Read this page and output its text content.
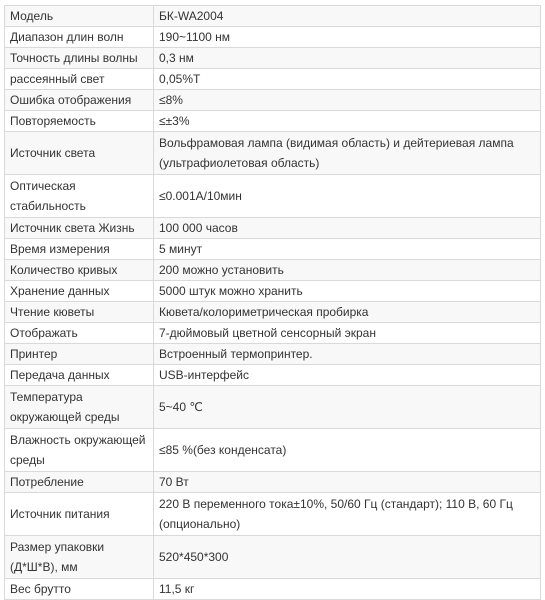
Модель	БК-WA2004
Диапазон длин волн	190~1100 нм
Точность длины волны	0,3 нм
рассеянный свет	0,05%T
Ошибка отображения	≤8%
Повторяемость	≤±3%
Источник света	Вольфрамовая лампа (видимая область) и дейтериевая лампа (ультрафиолетовая область)
Оптическая стабильность	≤0.001A/10мин
Источник света Жизнь	100 000 часов
Время измерения	5 минут
Количество кривых	200 можно установить
Хранение данных	5000 штук можно хранить
Чтение кюветы	Кювета/колориметрическая пробирка
Отображать	7-дюймовый цветной сенсорный экран
Принтер	Встроенный термопринтер.
Передача данных	USB-интерфейс
Температура окружающей среды	5~40 ℃
Влажность окружающей среды	≤85 %(без конденсата)
Потребление	70 Вт
Источник питания	220 В переменного тока±10%, 50/60 Гц (стандарт); 110 В, 60 Гц (опционально)
Размер упаковки (Д*Ш*В), мм	520*450*300
Вес брутто	11,5 кг
